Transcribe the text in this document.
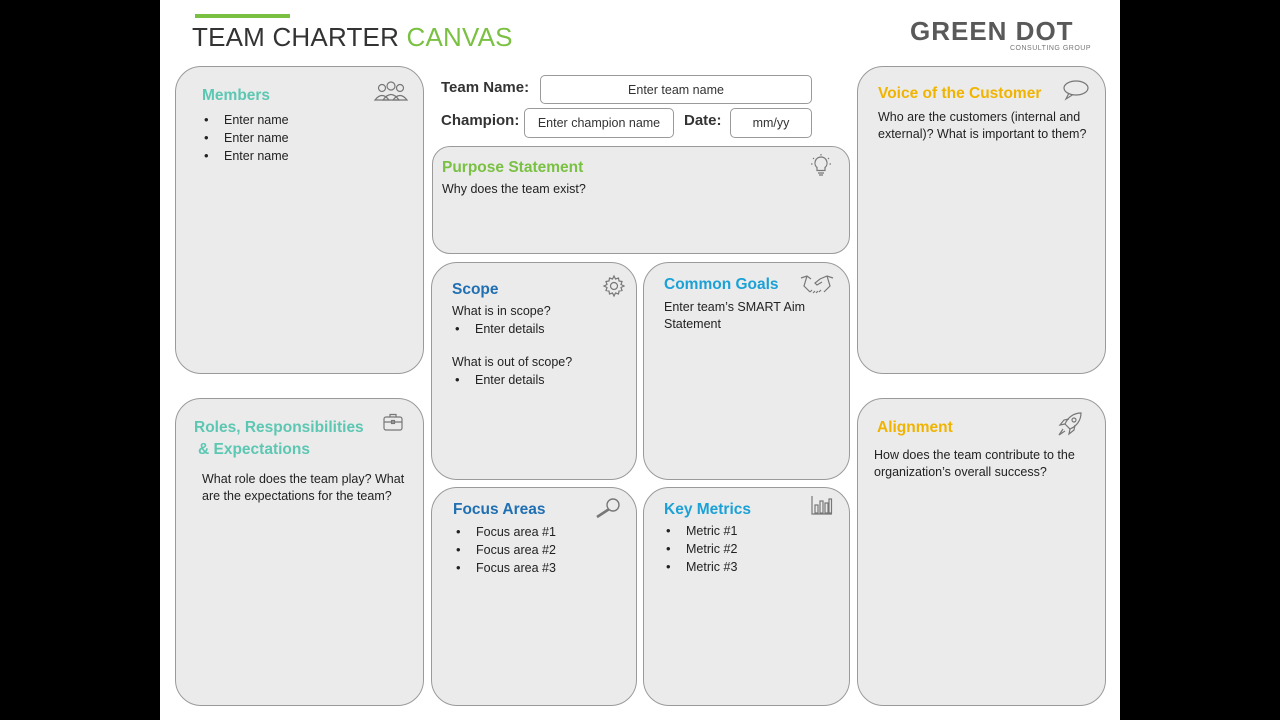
TEAM CHARTER CANVAS	GREEN DOT
CONSULTING GROUP
Members
• Enter name
• Enter name
• Enter name
Roles, Responsibilities
& Expectations
What role does the team play? What are the expectations for the team?
Team Name:	Enter team name
Champion:	Enter champion name	Date:	mm/yy
Purpose Statement
Why does the team exist?
Scope
What is in scope?
• Enter details
What is out of scope?
• Enter details
Common Goals
Enter team’s SMART Aim Statement
Focus Areas
• Focus area #1
• Focus area #2
• Focus area #3
Key Metrics
• Metric #1
• Metric #2
• Metric #3
Voice of the Customer
Who are the customers (internal and external)? What is important to them?
Alignment
How does the team contribute to the organization’s overall success?
